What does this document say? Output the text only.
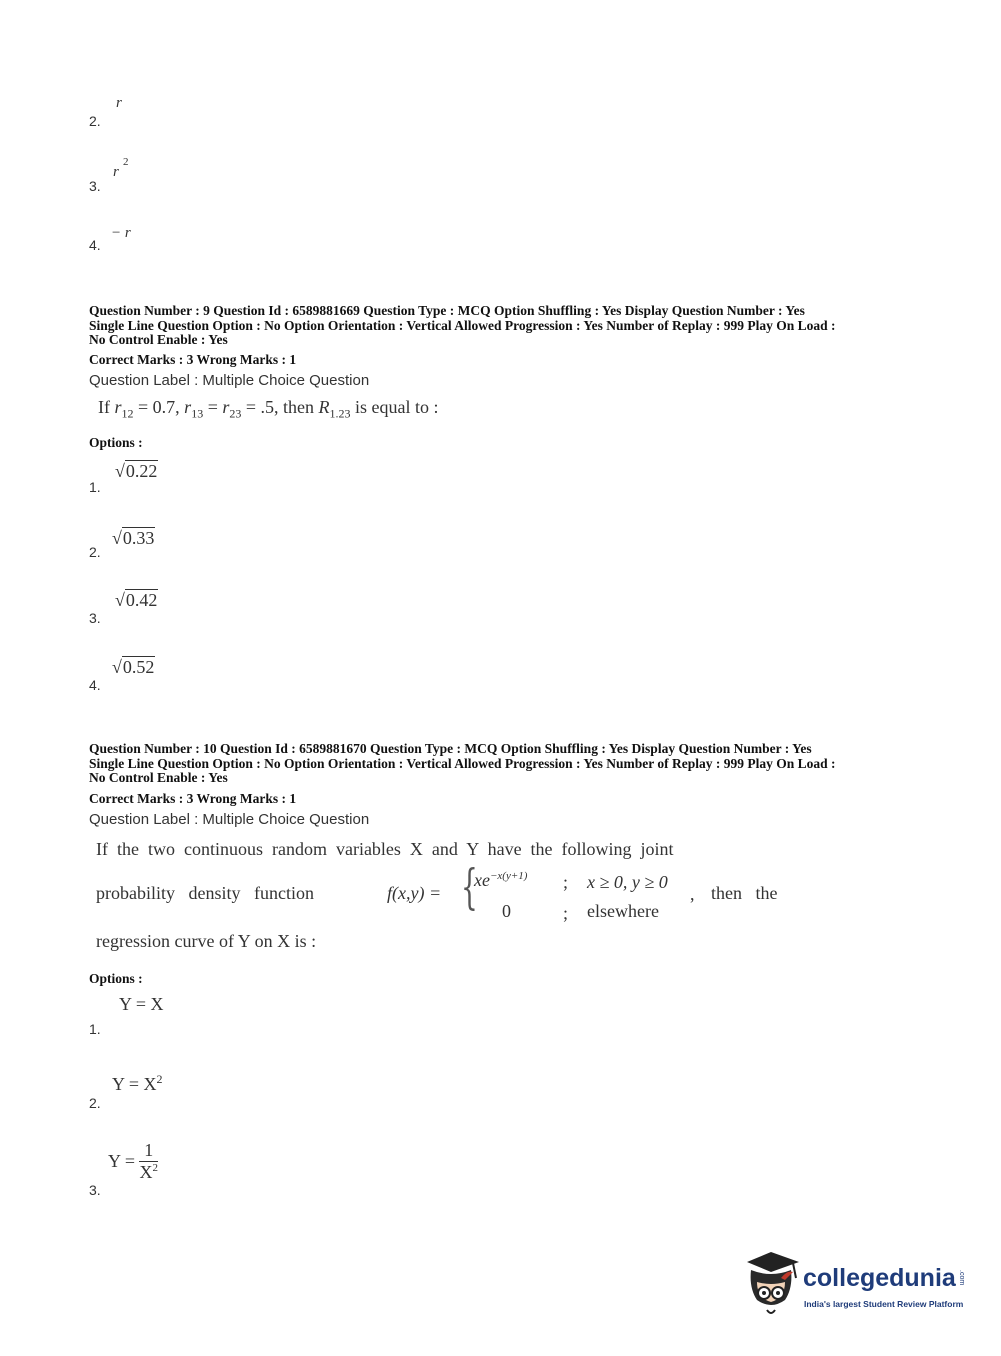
r
2.
r
2
3.
− r
4.
Question Number : 9 Question Id : 6589881669 Question Type : MCQ Option Shuffling : Yes Display Question Number : Yes
Single Line Question Option : No Option Orientation : Vertical Allowed Progression : Yes Number of Replay : 999 Play On Load :
No Control Enable : Yes
Correct Marks : 3 Wrong Marks : 1
Question Label : Multiple Choice Question
If $r_{12} = 0.7$, $r_{13} = r_{23} = .5$, then $R_{1.23}$ is equal to :
Options :
√0.22
1.
√0.33
2.
√0.42
3.
√0.52
4.
Question Number : 10 Question Id : 6589881670 Question Type : MCQ Option Shuffling : Yes Display Question Number : Yes
Single Line Question Option : No Option Orientation : Vertical Allowed Progression : Yes Number of Replay : 999 Play On Load :
No Control Enable : Yes
Correct Marks : 3 Wrong Marks : 1
Question Label : Multiple Choice Question
If  the  two  continuous  random  variables  X  and  Y  have  the  following  joint
probability   density   function	f(x,y) = {
$xe^{-x(y+1)}$ ; x ≥ 0, y ≥ 0
0	; elsewhere
, then   the
regression curve of Y on X is :
Options :
Y = X
1.
$Y = X^2$
2.
$Y = \frac{1}{X^2}$
3.
collegedunia .com
India's largest Student Review Platform
